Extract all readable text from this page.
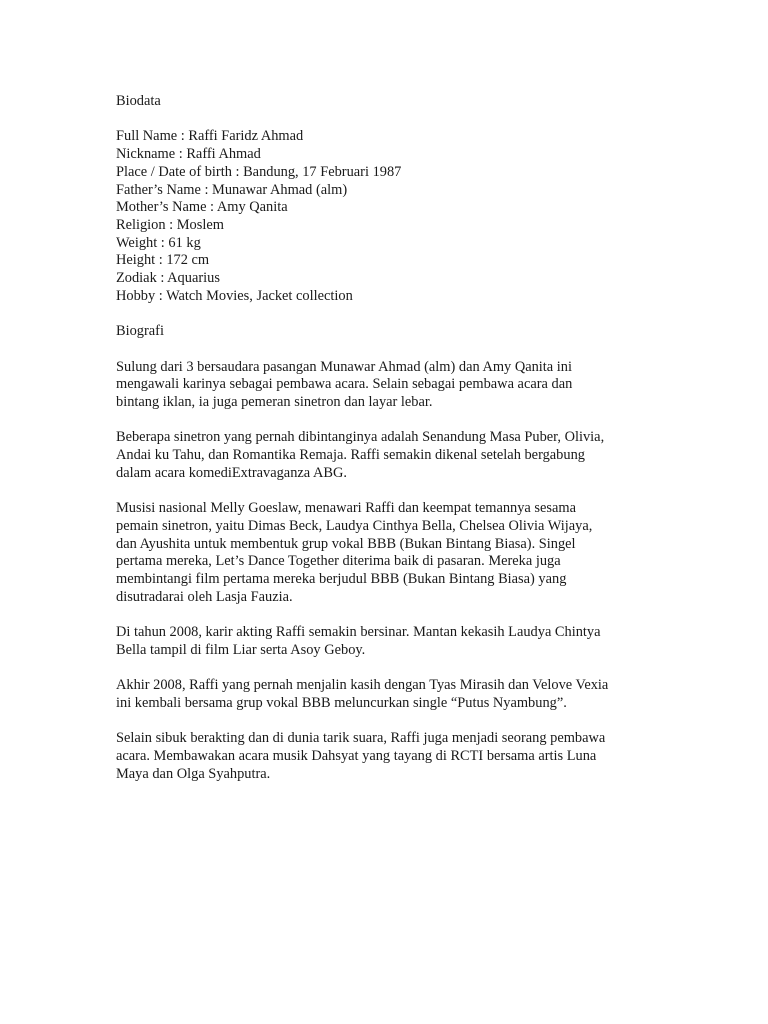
Biodata

Full Name : Raffi Faridz Ahmad
Nickname : Raffi Ahmad
Place / Date of birth : Bandung, 17 Februari 1987
Father’s Name : Munawar Ahmad (alm)
Mother’s Name : Amy Qanita
Religion : Moslem
Weight : 61 kg
Height : 172 cm
Zodiak : Aquarius
Hobby : Watch Movies, Jacket collection

Biografi

Sulung dari 3 bersaudara pasangan Munawar Ahmad (alm) dan Amy Qanita ini
mengawali karinya sebagai pembawa acara. Selain sebagai pembawa acara dan
bintang iklan, ia juga pemeran sinetron dan layar lebar.
Beberapa sinetron yang pernah dibintanginya adalah Senandung Masa Puber, Olivia,
Andai ku Tahu, dan Romantika Remaja. Raffi semakin dikenal setelah bergabung
dalam acara komediExtravaganza ABG.
Musisi nasional Melly Goeslaw, menawari Raffi dan keempat temannya sesama
pemain sinetron, yaitu Dimas Beck, Laudya Cinthya Bella, Chelsea Olivia Wijaya,
dan Ayushita untuk membentuk grup vokal BBB (Bukan Bintang Biasa). Singel
pertama mereka, Let’s Dance Together diterima baik di pasaran. Mereka juga
membintangi film pertama mereka berjudul BBB (Bukan Bintang Biasa) yang
disutradarai oleh Lasja Fauzia.
Di tahun 2008, karir akting Raffi semakin bersinar. Mantan kekasih Laudya Chintya
Bella tampil di film Liar serta Asoy Geboy.
Akhir 2008, Raffi yang pernah menjalin kasih dengan Tyas Mirasih dan Velove Vexia
ini kembali bersama grup vokal BBB meluncurkan single “Putus Nyambung”.
Selain sibuk berakting dan di dunia tarik suara, Raffi juga menjadi seorang pembawa
acara. Membawakan acara musik Dahsyat yang tayang di RCTI bersama artis Luna
Maya dan Olga Syahputra.
